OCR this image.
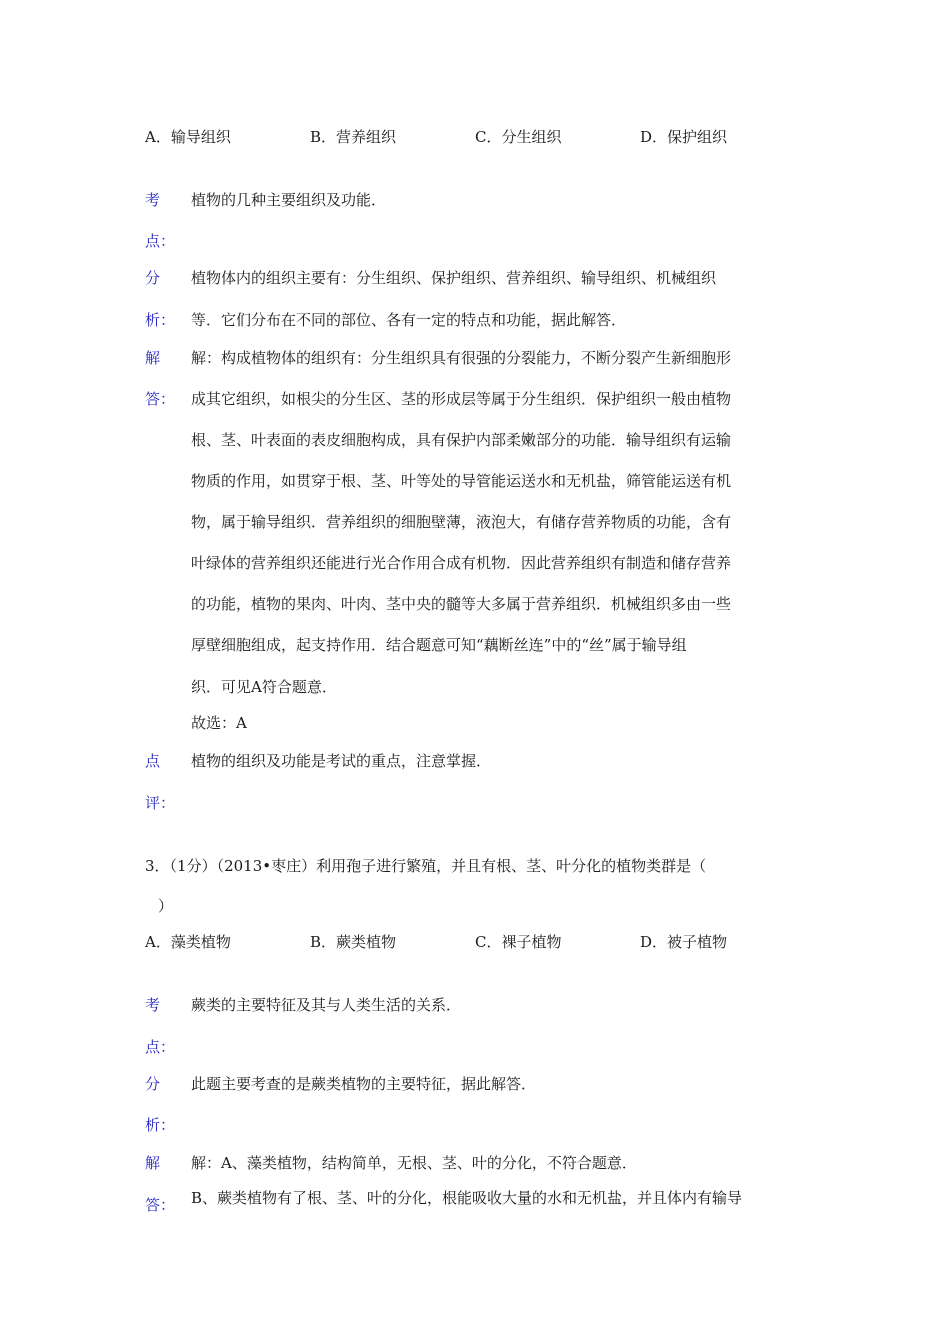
A．输导组织	B．营养组织	C．分生组织	D．保护组织
考
点：
植物的几种主要组织及功能．
分
析：
植物体内的组织主要有：分生组织、保护组织、营养组织、输导组织、机械组织
等．它们分布在不同的部位、各有一定的特点和功能，据此解答．
解
答：
解：构成植物体的组织有：分生组织具有很强的分裂能力，不断分裂产生新细胞形
成其它组织，如根尖的分生区、茎的形成层等属于分生组织．保护组织一般由植物
根、茎、叶表面的表皮细胞构成，具有保护内部柔嫩部分的功能．输导组织有运输
物质的作用，如贯穿于根、茎、叶等处的导管能运送水和无机盐，筛管能运送有机
物，属于输导组织．营养组织的细胞壁薄，液泡大，有储存营养物质的功能，含有
叶绿体的营养组织还能进行光合作用合成有机物．因此营养组织有制造和储存营养
的功能，植物的果肉、叶肉、茎中央的髓等大多属于营养组织．机械组织多由一些
厚壁细胞组成，起支持作用．结合题意可知“藕断丝连”中的“丝”属于输导组
织．可见A符合题意．
故选：A
点
评：
植物的组织及功能是考试的重点，注意掌握．
3．（1分）（2013•枣庄）利用孢子进行繁殖，并且有根、茎、叶分化的植物类群是（
）
A．藻类植物	B．蕨类植物	C．裸子植物	D．被子植物
考
点：
蕨类的主要特征及其与人类生活的关系．
分
析：
此题主要考查的是蕨类植物的主要特征，据此解答．
解
答：
解：A、藻类植物，结构简单，无根、茎、叶的分化，不符合题意．
B、蕨类植物有了根、茎、叶的分化，根能吸收大量的水和无机盐，并且体内有输导
